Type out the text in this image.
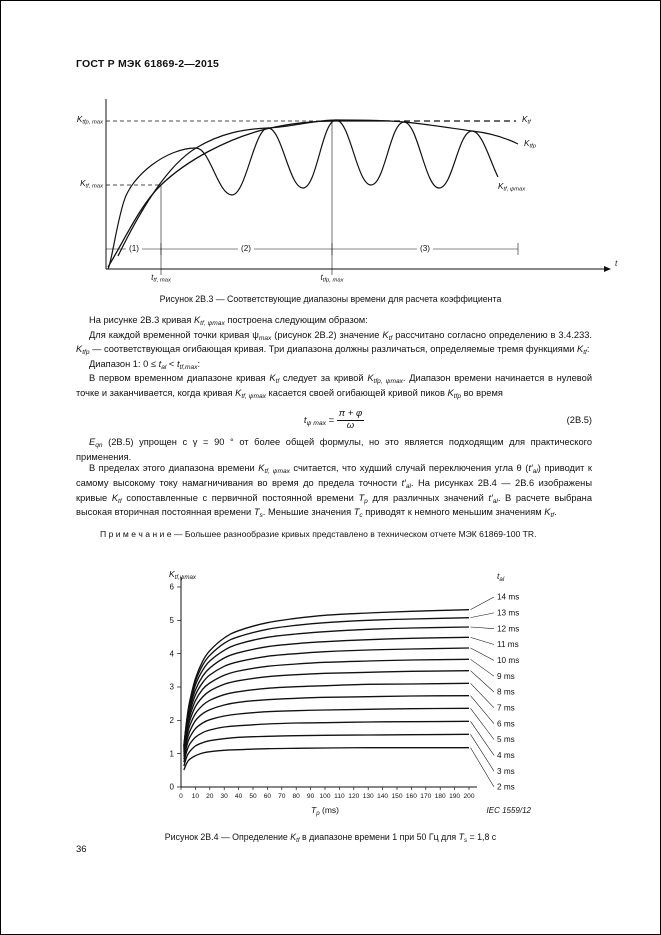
ГОСТ Р МЭК 61869-2—2015
$K_{tfp, max}$
$K_{tf, max}$
$K_{tf}$
$K_{tfp}$
$K_{tf, \psi max}$
(1)	(2)	(3)
$t_{tf, max}$	$t_{tfp, max}$
t
Рисунок 2В.3 — Соответствующие диапазоны времени для расчета коэффициента

На рисунке 2В.3 кривая $K_{tf, \psi max}$ построена следующим образом:

Для каждой временной точки кривая $\psi_{max}$ (рисунок 2В.2) значение $K_{tf}$ рассчитано согласно определению в 3.4.233. $K_{tfp}$ — соответствующая огибающая кривая. Три диапазона должны различаться, определяемые тремя функциями $K_{tf}$:

Диапазон 1: $0 \le t_{al} < t_{tf,max}$:

В первом временном диапазоне кривая $K_{tf}$ следует за кривой $K_{tfp, \psi max}$. Диапазон времени начинается в нулевой точке и заканчивается, когда кривая $K_{tf, \psi max}$ касается своей огибающей кривой пиков $K_{tfp}$ во время

$t_{\psi max} = \frac{\pi + \varphi}{\omega}$	(2В.5)

$E_{qn}$ (2В.5) упрощен с γ = 90 ° от более общей формулы, но это является подходящим для практического применения.

В пределах этого диапазона времени $K_{tf, \psi max}$ считается, что худший случай переключения угла θ $(t'_{al})$ приводит к самому высокому току намагничивания во время до предела точности $t'_{al}$. На рисунках 2В.4 — 2В.6 изображены кривые $K_{tf}$ сопоставленные с первичной постоянной времени $T_p$ для различных значений $t'_{al}$. В расчете выбрана высокая вторичная постоянная времени $T_s$. Меньшие значения $T_c$ приводят к немного меньшим значениям $K_{tf}$.

П р и м е ч а н и е — Большее разнообразие кривых представлено в техническом отчете МЭК 61869-100 TR.

0 10 20 30 40 50 60 70 80 90 100 110 120 130 140 150 160 170 180 190 200
0
1
2
3
4
5
6
14 ms
13 ms
12 ms
11 ms
10 ms
9 ms
8 ms
7 ms
6 ms
5 ms
4 ms
3 ms
2 ms
$K_{tf,\psi max}$	$t_{al}$
$T_p$ (ms)	IEC 1559/12
Рисунок 2В.4 — Определение $K_{tf}$ в диапазоне времени 1 при 50 Гц для $T_s = 1,8$ с
36
